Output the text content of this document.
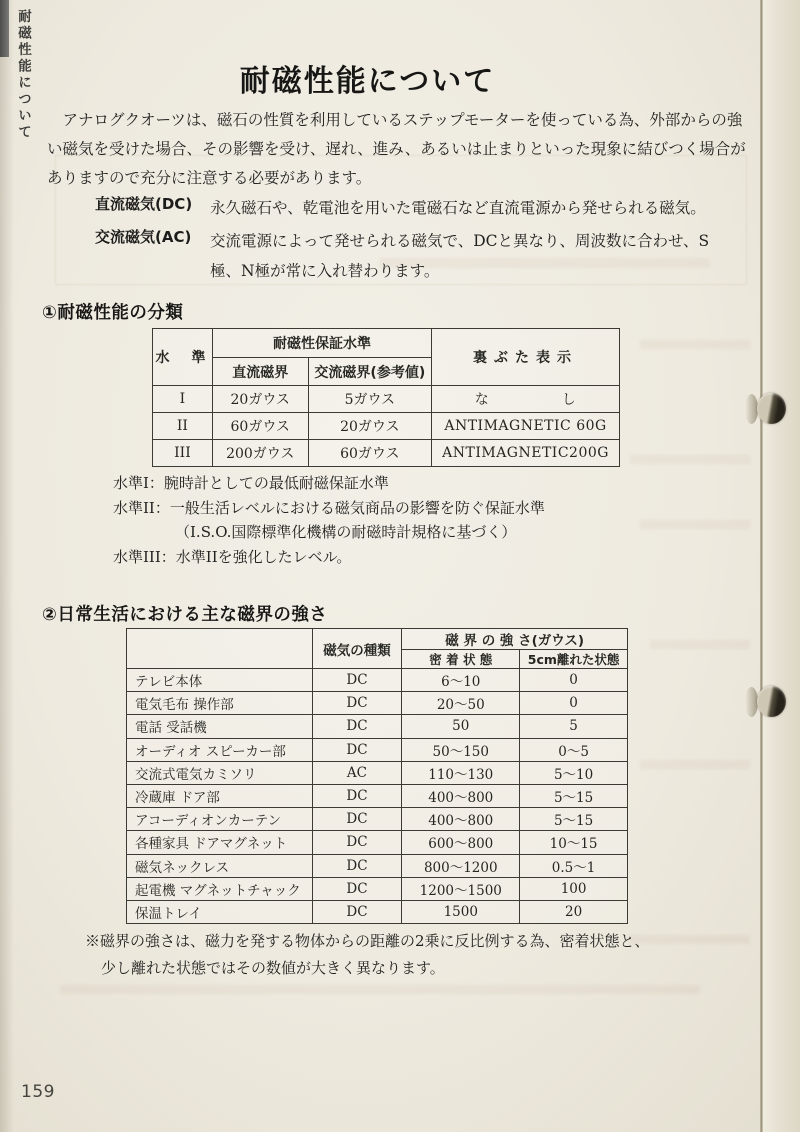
耐磁性能について	耐磁性能について

アナログクオーツは、磁石の性質を利用しているステップモーターを使っている為、外部からの強い磁気を受けた場合、その影響を受け、遅れ、進み、あるいは止まりといった現象に結びつく場合がありますので充分に注意する必要があります。

直流磁気(DC) 永久磁石や、乾電池を用いた電磁石など直流電源から発せられる磁気。
交流磁気(AC) 交流電源によって発せられる磁気で、DCと異なり、周波数に合わせ、S極、N極が常に入れ替わります。
①耐磁性能の分類
水　準	耐磁性保証水準		裏ぶた表示
	直流磁界	交流磁界(参考値)	
I	20ガウス	5ガウス	な　　　　　し
II	60ガウス	20ガウス	ANTIMAGNETIC 60G
III	200ガウス	60ガウス	ANTIMAGNETIC200G
水準I：腕時計としての最低耐磁保証水準
水準II：一般生活レベルにおける磁気商品の影響を防ぐ保証水準
（I.S.O.国際標準化機構の耐磁時計規格に基づく）
水準III：水準IIを強化したレベル。
②日常生活における主な磁界の強さ
	磁気の種類	磁 界 の 強 さ(ガウス)	
		密 着 状 態	5cm離れた状態
テレビ本体	DC	6〜10	0
電気毛布 操作部	DC	20〜50	0
電話 受話機	DC	50	5
オーディオ スピーカー部	DC	50〜150	0〜5
交流式電気カミソリ	AC	110〜130	5〜10
冷蔵庫 ドア部	DC	400〜800	5〜15
アコーディオンカーテン	DC	400〜800	5〜15
各種家具 ドアマグネット	DC	600〜800	10〜15
磁気ネックレス	DC	800〜1200	0.5〜1
起電機 マグネットチャック	DC	1200〜1500	100
保温トレイ	DC	1500	20

※磁界の強さは、磁力を発する物体からの距離の2乗に反比例する為、密着状態と、少し離れた状態ではその数値が大きく異なります。

159
